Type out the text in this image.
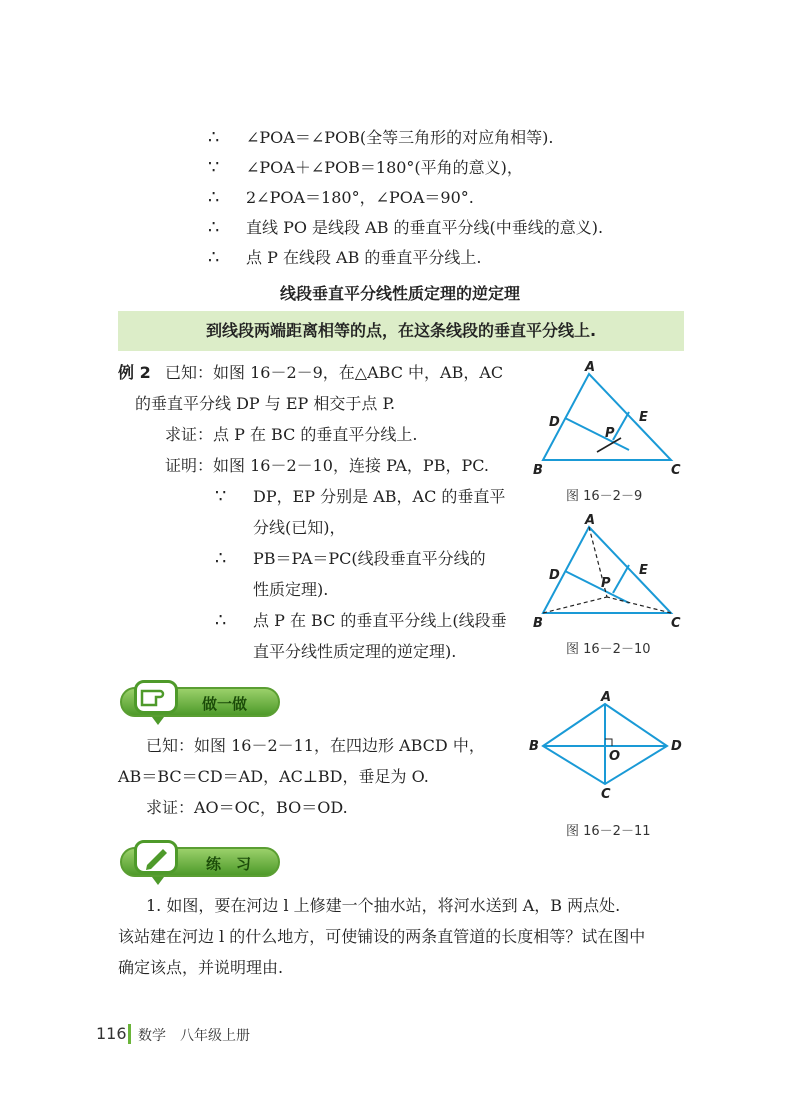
∴ ∠POA＝∠POB(全等三角形的对应角相等).
∵ ∠POA＋∠POB＝180°(平角的意义)，
∴ 2∠POA＝180°，∠POA＝90°.
∴ 直线 PO 是线段 AB 的垂直平分线(中垂线的意义).
∴ 点 P 在线段 AB 的垂直平分线上.
线段垂直平分线性质定理的逆定理
到线段两端距离相等的点，在这条线段的垂直平分线上.
例 2 已知：如图 16－2－9，在△ABC 中，AB，AC
的垂直平分线 DP 与 EP 相交于点 P.
求证：点 P 在 BC 的垂直平分线上.
证明：如图 16－2－10，连接 PA，PB，PC.
∵ DP，EP 分别是 AB，AC 的垂直平
分线(已知)，
∴ PB＝PA＝PC(线段垂直平分线的
性质定理).
∴ 点 P 在 BC 的垂直平分线上(线段垂
直平分线性质定理的逆定理).
A
B	C
D	E
P
图 16－2－9
A
B	C
D	E
P
图 16－2－10
做一做
已知：如图 16－2－11，在四边形 ABCD 中，
AB＝BC＝CD＝AD，AC⊥BD，垂足为 O.
求证：AO＝OC，BO＝OD.
A
B
C
D
O
图 16－2－11
练　习
1. 如图，要在河边 l 上修建一个抽水站，将河水送到 A，B 两点处.
该站建在河边 l 的什么地方，可使铺设的两条直管道的长度相等？试在图中
确定该点，并说明理由.
116 数学　八年级上册
